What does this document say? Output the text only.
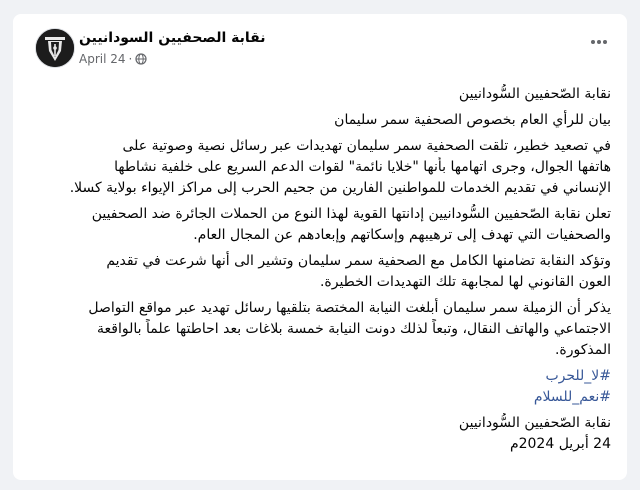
نقابة الصحفيين السودانيين
April 24 ·
نقابة الصّحفيين السُّودانيين
بيان للرأي العام بخصوص الصحفية سمر سليمان
في تصعيد خطير، تلقت الصحفية سمر سليمان تهديدات عبر رسائل نصية وصوتية على
هاتفها الجوال، وجرى اتهامها بأنها "خلايا نائمة" لقوات الدعم السريع على خلفية نشاطها
الإنساني في تقديم الخدمات للمواطنين الفارين من جحيم الحرب إلى مراكز الإيواء بولاية كسلا.
تعلن نقابة الصّحفيين السُّودانيين إدانتها القوية لهذا النوع من الحملات الجائرة ضد الصحفيين
والصحفيات التي تهدف إلى ترهيبهم وإسكاتهم وإبعادهم عن المجال العام.
وتؤكد النقابة تضامنها الكامل مع الصحفية سمر سليمان وتشير الى أنها شرعت في تقديم
العون القانوني لها لمجابهة تلك التهديدات الخطيرة.
يذكر أن الزميلة سمر سليمان أبلغت النيابة المختصة بتلقيها رسائل تهديد عبر مواقع التواصل
الاجتماعي والهاتف النقال، وتبعاً لذلك دونت النيابة خمسة بلاغات بعد احاطتها علماً بالواقعة
المذكورة.
#لا_للحرب
#نعم_للسلام
نقابة الصّحفيين السُّودانيين
24 أبريل 2024م
